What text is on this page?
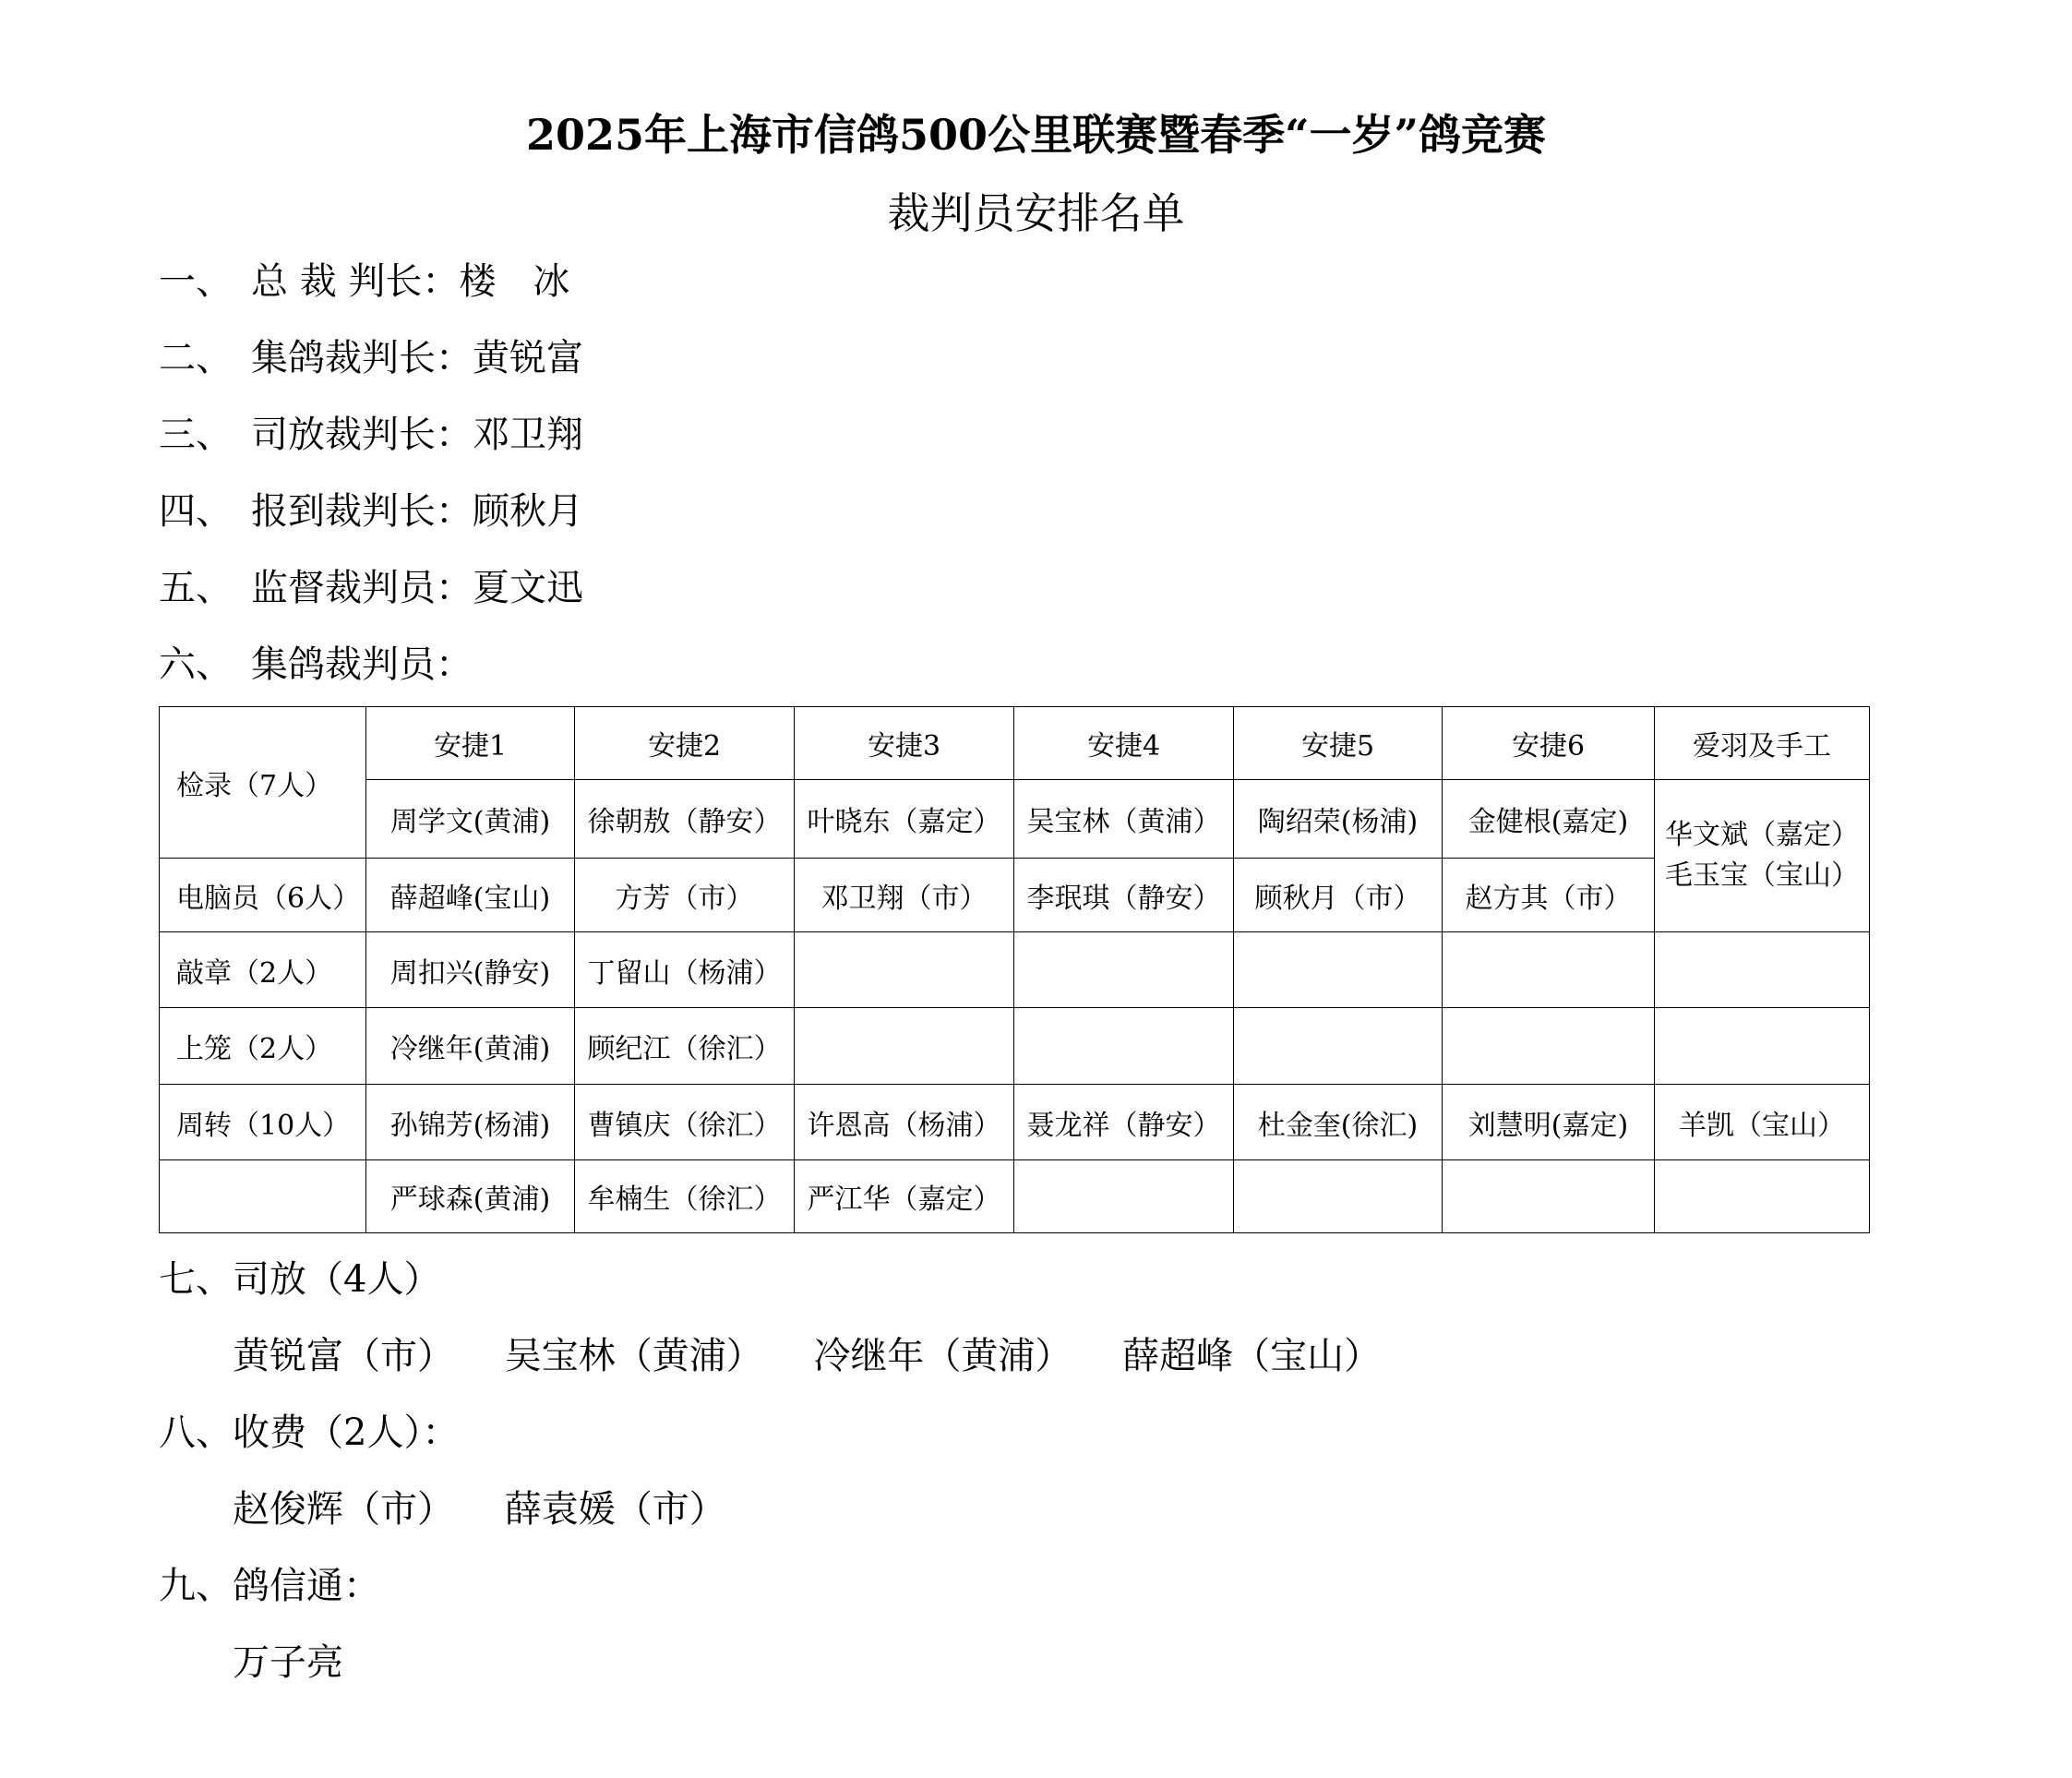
2025年上海市信鸽500公里联赛暨春季“一岁”鸽竞赛
裁判员安排名单
一、 总 裁 判长：楼　冰
二、 集鸽裁判长：黄锐富
三、 司放裁判长：邓卫翔
四、 报到裁判长：顾秋月
五、 监督裁判员：夏文迅
六、 集鸽裁判员：
检录（7人）	安捷1	安捷2	安捷3	安捷4	安捷5	安捷6	爱羽及手工
	周学文(黄浦)	徐朝敖（静安）	叶晓东（嘉定）	吴宝林（黄浦）	陶绍荣(杨浦)	金健根(嘉定)	华文斌（嘉定）
毛玉宝（宝山）

电脑员（6人）	薛超峰(宝山)	方芳（市）	邓卫翔（市）	李珉琪（静安）	顾秋月（市）	赵方其（市）	
敲章（2人）	周扣兴(静安)	丁留山（杨浦）					
上笼（2人）	冷继年(黄浦)	顾纪江（徐汇）					
周转（10人）	孙锦芳(杨浦)	曹镇庆（徐汇）	许恩高（杨浦）	聂龙祥（静安）	杜金奎(徐汇)	刘慧明(嘉定)	羊凯（宝山）
	严球森(黄浦)	牟楠生（徐汇）	严江华（嘉定）				
七、司放（4人）
黄锐富（市） 吴宝林（黄浦） 冷继年（黄浦） 薛超峰（宝山）
八、收费（2人）：
赵俊辉（市） 薛袁媛（市）
九、鸽信通：
万子亮
